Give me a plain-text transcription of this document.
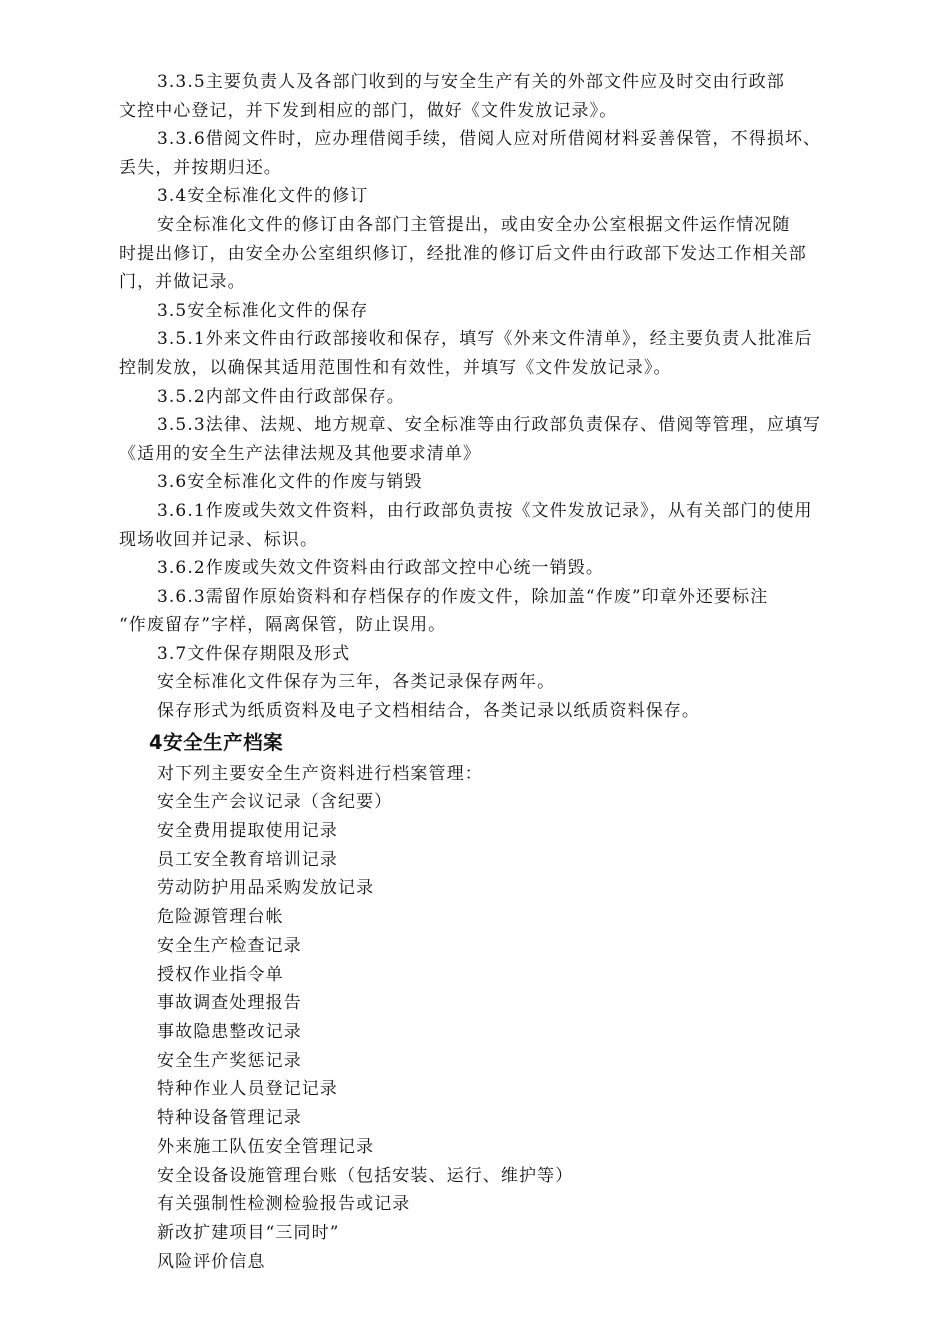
3.3.5主要负责人及各部门收到的与安全生产有关的外部文件应及时交由行政部
文控中心登记，并下发到相应的部门，做好《文件发放记录》。
3.3.6借阅文件时，应办理借阅手续，借阅人应对所借阅材料妥善保管，不得损坏、
丢失，并按期归还。
3.4安全标准化文件的修订
安全标准化文件的修订由各部门主管提出，或由安全办公室根据文件运作情况随
时提出修订，由安全办公室组织修订，经批准的修订后文件由行政部下发达工作相关部
门，并做记录。
3.5安全标准化文件的保存
3.5.1外来文件由行政部接收和保存，填写《外来文件清单》，经主要负责人批准后
控制发放，以确保其适用范围性和有效性，并填写《文件发放记录》。
3.5.2内部文件由行政部保存。
3.5.3法律、法规、地方规章、安全标准等由行政部负责保存、借阅等管理，应填写
《适用的安全生产法律法规及其他要求清单》
3.6安全标准化文件的作废与销毁
3.6.1作废或失效文件资料，由行政部负责按《文件发放记录》，从有关部门的使用
现场收回并记录、标识。
3.6.2作废或失效文件资料由行政部文控中心统一销毁。
3.6.3需留作原始资料和存档保存的作废文件，除加盖“作废”印章外还要标注
“作废留存”字样，隔离保管，防止误用。
3.7文件保存期限及形式
安全标准化文件保存为三年，各类记录保存两年。
保存形式为纸质资料及电子文档相结合，各类记录以纸质资料保存。
4安全生产档案
对下列主要安全生产资料进行档案管理：
安全生产会议记录（含纪要）
安全费用提取使用记录
员工安全教育培训记录
劳动防护用品采购发放记录
危险源管理台帐
安全生产检查记录
授权作业指令单
事故调查处理报告
事故隐患整改记录
安全生产奖惩记录
特种作业人员登记记录
特种设备管理记录
外来施工队伍安全管理记录
安全设备设施管理台账（包括安装、运行、维护等）
有关强制性检测检验报告或记录
新改扩建项目“三同时”
风险评价信息
